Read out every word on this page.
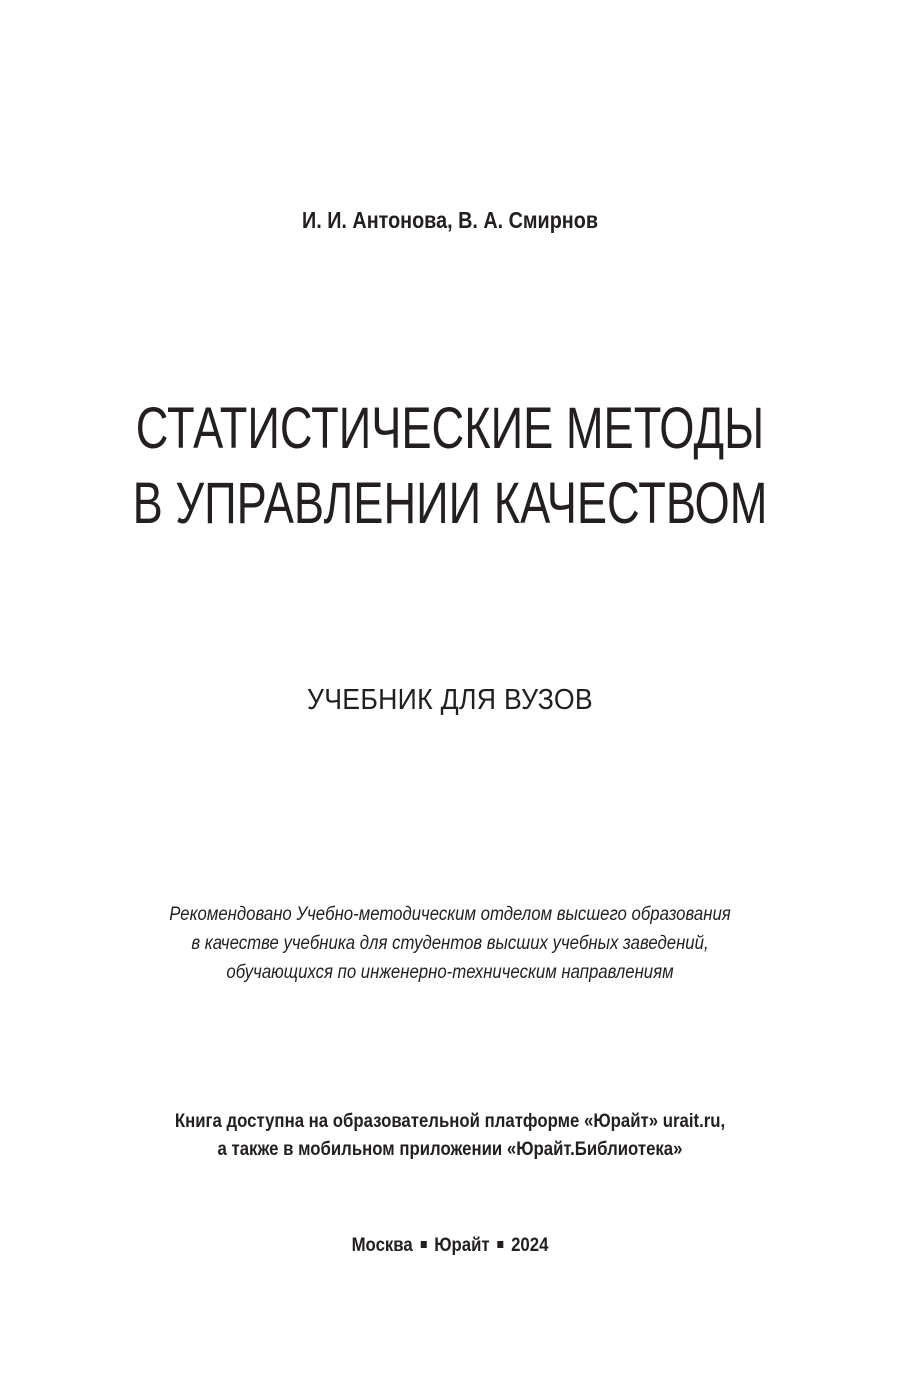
И. И. Антонова, В. А. Смирнов
СТАТИСТИЧЕСКИЕ МЕТОДЫ
В УПРАВЛЕНИИ КАЧЕСТВОМ
УЧЕБНИК ДЛЯ ВУЗОВ
Рекомендовано Учебно-методическим отделом высшего образования
в качестве учебника для студентов высших учебных заведений,
обучающихся по инженерно-техническим направлениям
Книга доступна на образовательной платформе «Юрайт» urait.ru,
а также в мобильном приложении «Юрайт.Библиотека»
Москва Юрайт 2024
